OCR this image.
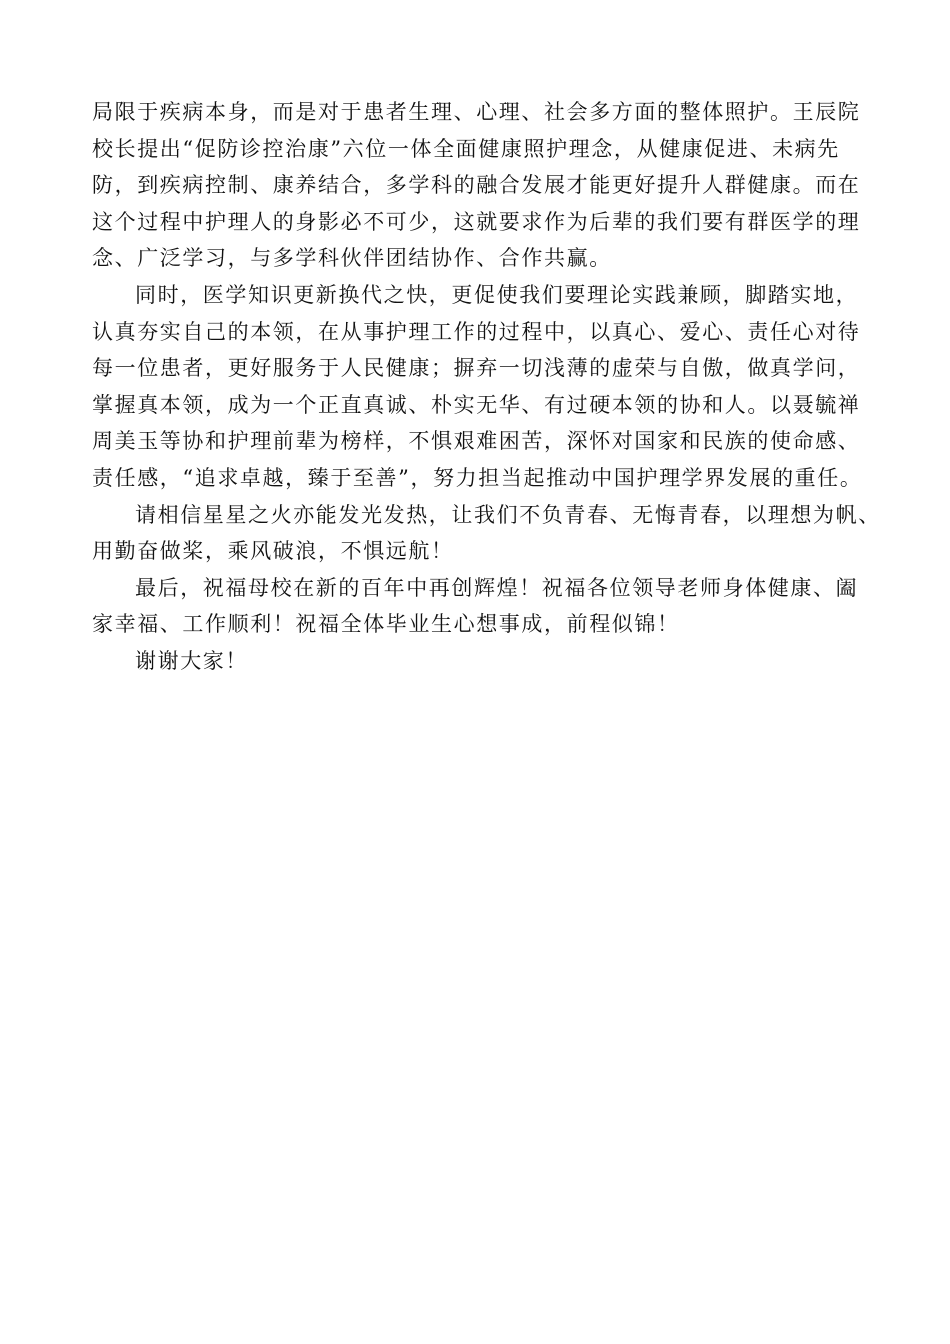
局限于疾病本身，而是对于患者生理、心理、社会多方面的整体照护。王辰院
校长提出“促防诊控治康”六位一体全面健康照护理念，从健康促进、未病先
防，到疾病控制、康养结合，多学科的融合发展才能更好提升人群健康。而在
这个过程中护理人的身影必不可少，这就要求作为后辈的我们要有群医学的理
念、广泛学习，与多学科伙伴团结协作、合作共赢。
同时，医学知识更新换代之快，更促使我们要理论实践兼顾，脚踏实地，
认真夯实自己的本领，在从事护理工作的过程中，以真心、爱心、责任心对待
每一位患者，更好服务于人民健康；摒弃一切浅薄的虚荣与自傲，做真学问，
掌握真本领，成为一个正直真诚、朴实无华、有过硬本领的协和人。以聂毓禅
周美玉等协和护理前辈为榜样，不惧艰难困苦，深怀对国家和民族的使命感、
责任感，“追求卓越，臻于至善”，努力担当起推动中国护理学界发展的重任。
请相信星星之火亦能发光发热，让我们不负青春、无悔青春，以理想为帆、
用勤奋做桨，乘风破浪，不惧远航！
最后，祝福母校在新的百年中再创辉煌！祝福各位领导老师身体健康、阖
家幸福、工作顺利！祝福全体毕业生心想事成，前程似锦！
谢谢大家！
